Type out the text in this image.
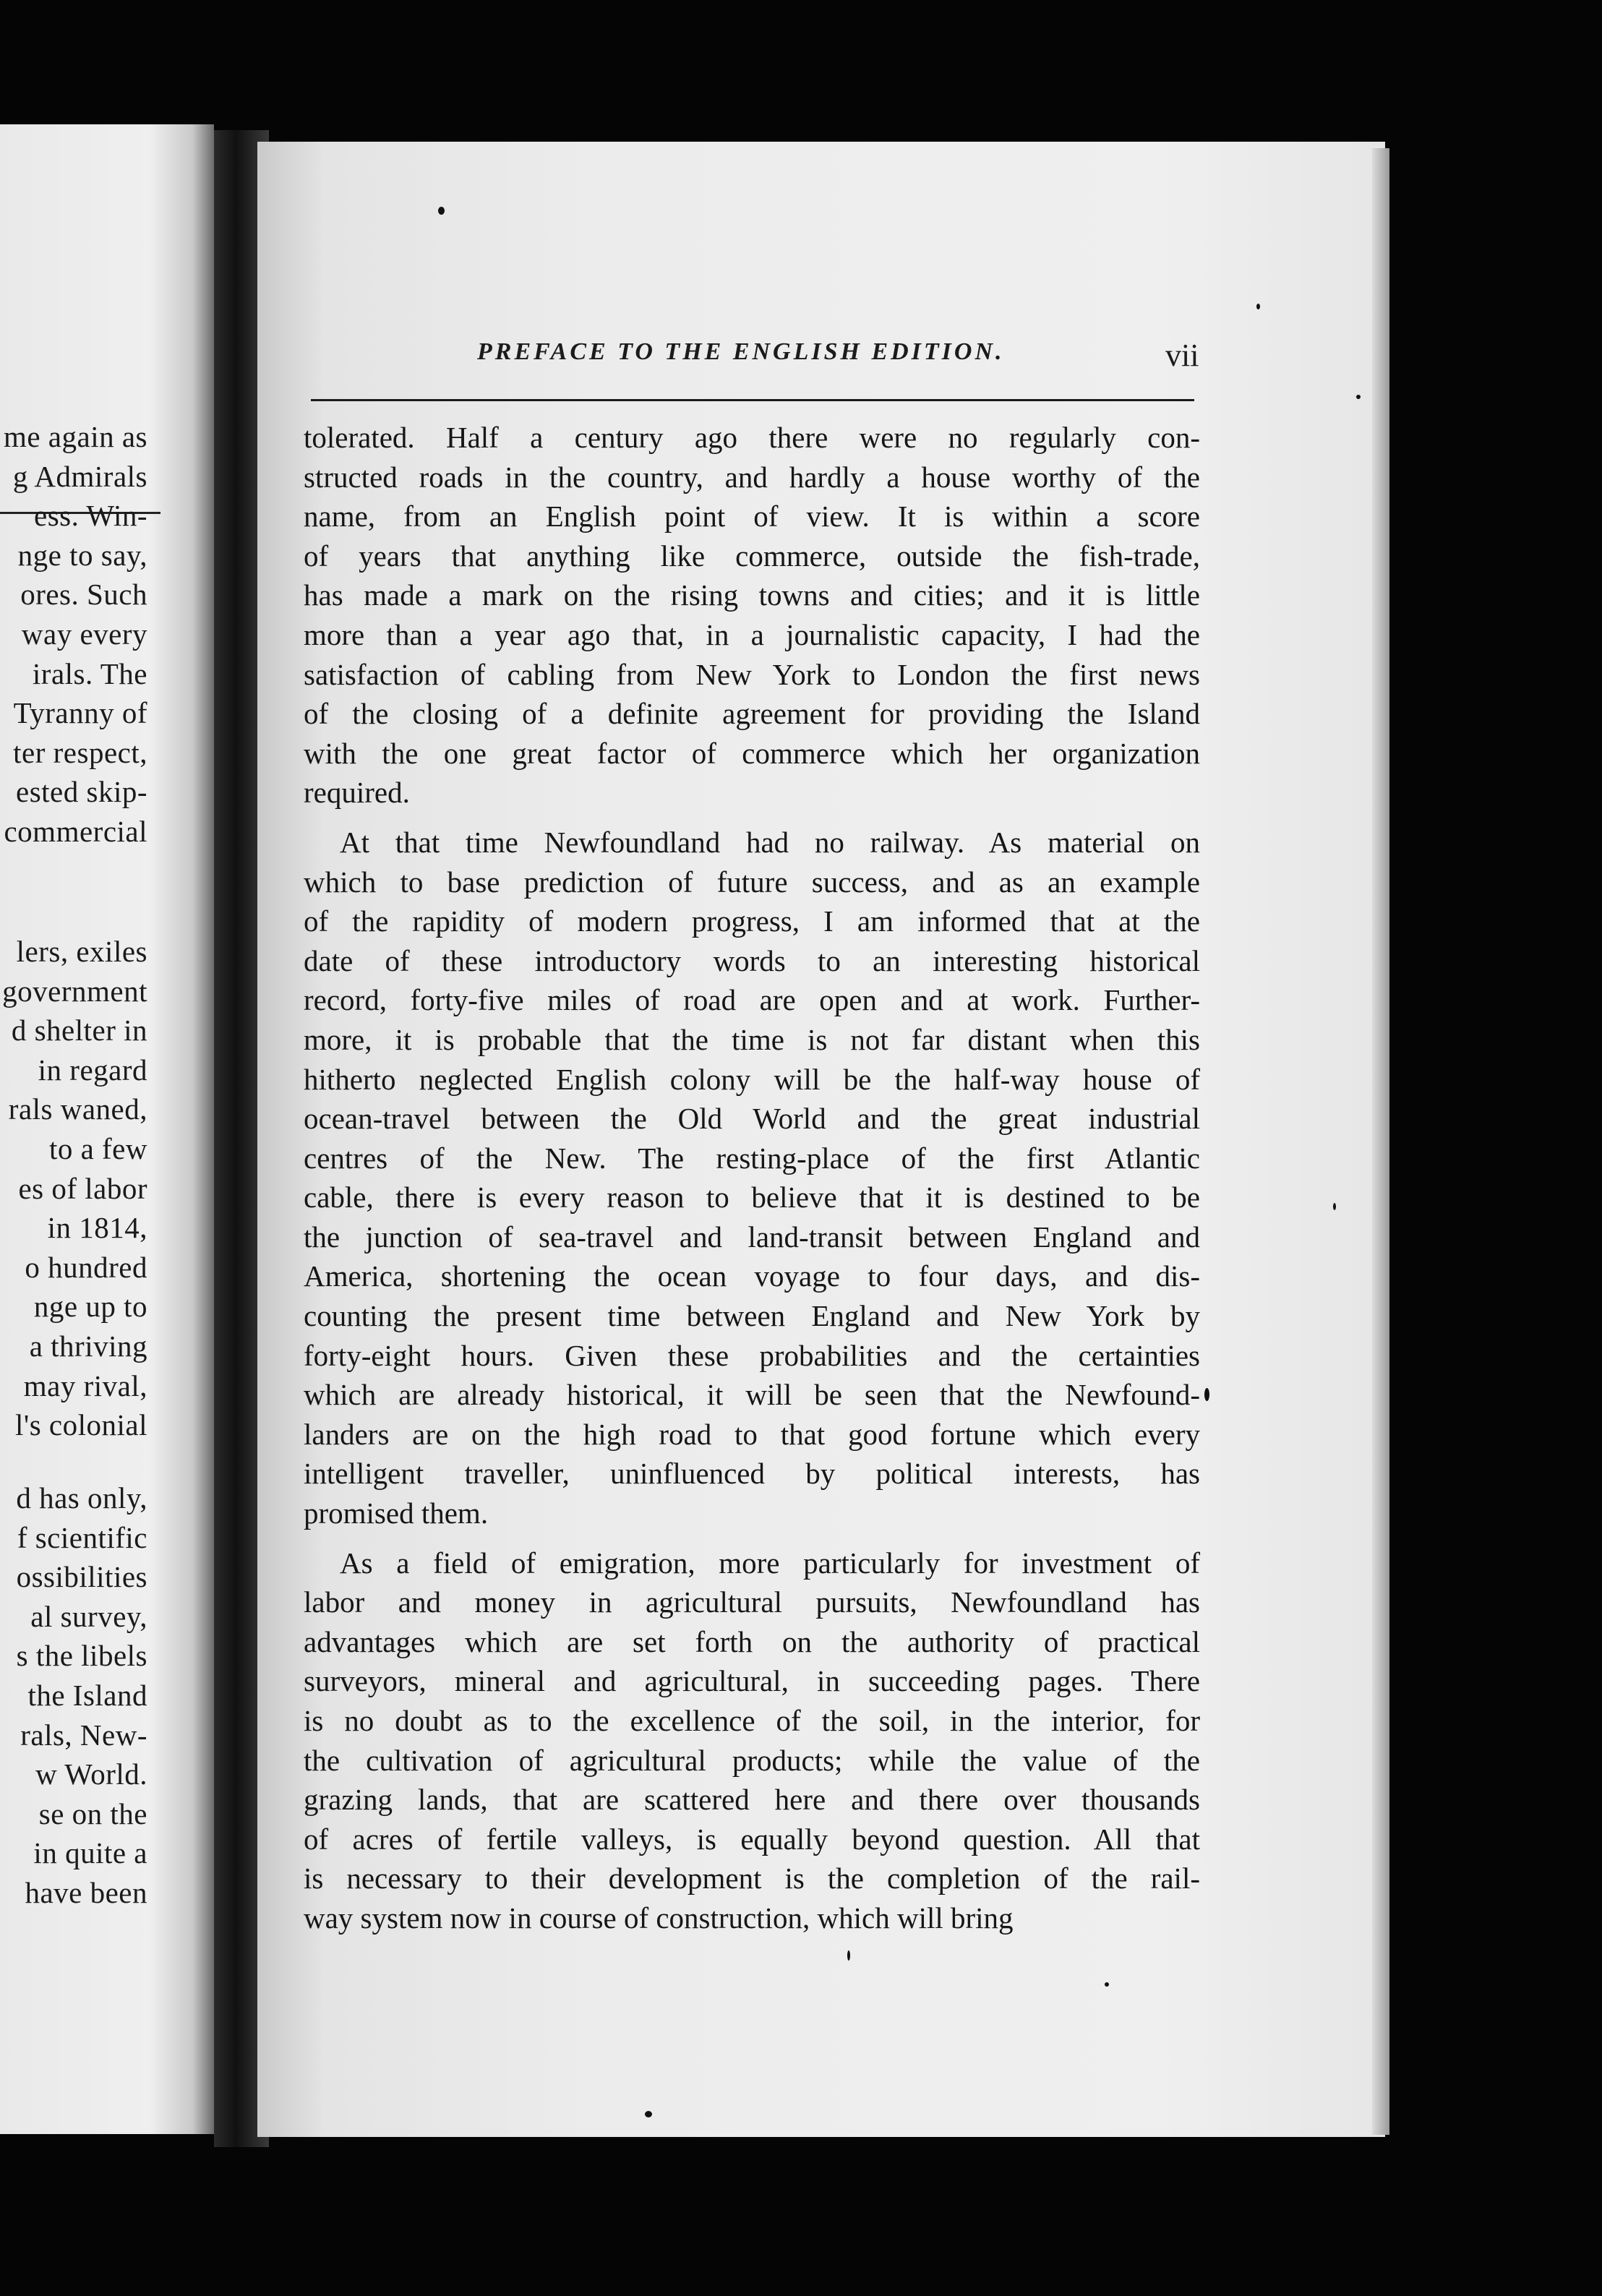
me again as
g Admirals
ess. Win-
nge to say,
ores. Such
way every
irals. The
Tyranny of
ter respect,
ested skip-
commercial
lers, exiles
government
d shelter in
in regard
rals waned,
to a few
es of labor
in 1814,
o hundred
nge up to
a thriving
may rival,
l's colonial
d has only,
f scientific
ossibilities
al survey,
s the libels
the Island
rals, New-
w World.
se on the
in quite a
have been
PREFACE TO THE ENGLISH EDITION.	vii
tolerated. Half a century ago there were no regularly con-
structed roads in the country, and hardly a house worthy of the
name, from an English point of view. It is within a score
of years that anything like commerce, outside the fish-trade,
has made a mark on the rising towns and cities; and it is little
more than a year ago that, in a journalistic capacity, I had the
satisfaction of cabling from New York to London the first news
of the closing of a definite agreement for providing the Island
with the one great factor of commerce which her organization
required.
At that time Newfoundland had no railway. As material on
which to base prediction of future success, and as an example
of the rapidity of modern progress, I am informed that at the
date of these introductory words to an interesting historical
record, forty-five miles of road are open and at work. Further-
more, it is probable that the time is not far distant when this
hitherto neglected English colony will be the half-way house of
ocean-travel between the Old World and the great industrial
centres of the New. The resting-place of the first Atlantic
cable, there is every reason to believe that it is destined to be
the junction of sea-travel and land-transit between England and
America, shortening the ocean voyage to four days, and dis-
counting the present time between England and New York by
forty-eight hours. Given these probabilities and the certainties
which are already historical, it will be seen that the Newfound-
landers are on the high road to that good fortune which every
intelligent traveller, uninfluenced by political interests, has
promised them.
As a field of emigration, more particularly for investment of
labor and money in agricultural pursuits, Newfoundland has
advantages which are set forth on the authority of practical
surveyors, mineral and agricultural, in succeeding pages. There
is no doubt as to the excellence of the soil, in the interior, for
the cultivation of agricultural products; while the value of the
grazing lands, that are scattered here and there over thousands
of acres of fertile valleys, is equally beyond question. All that
is necessary to their development is the completion of the rail-
way system now in course of construction, which will bring
